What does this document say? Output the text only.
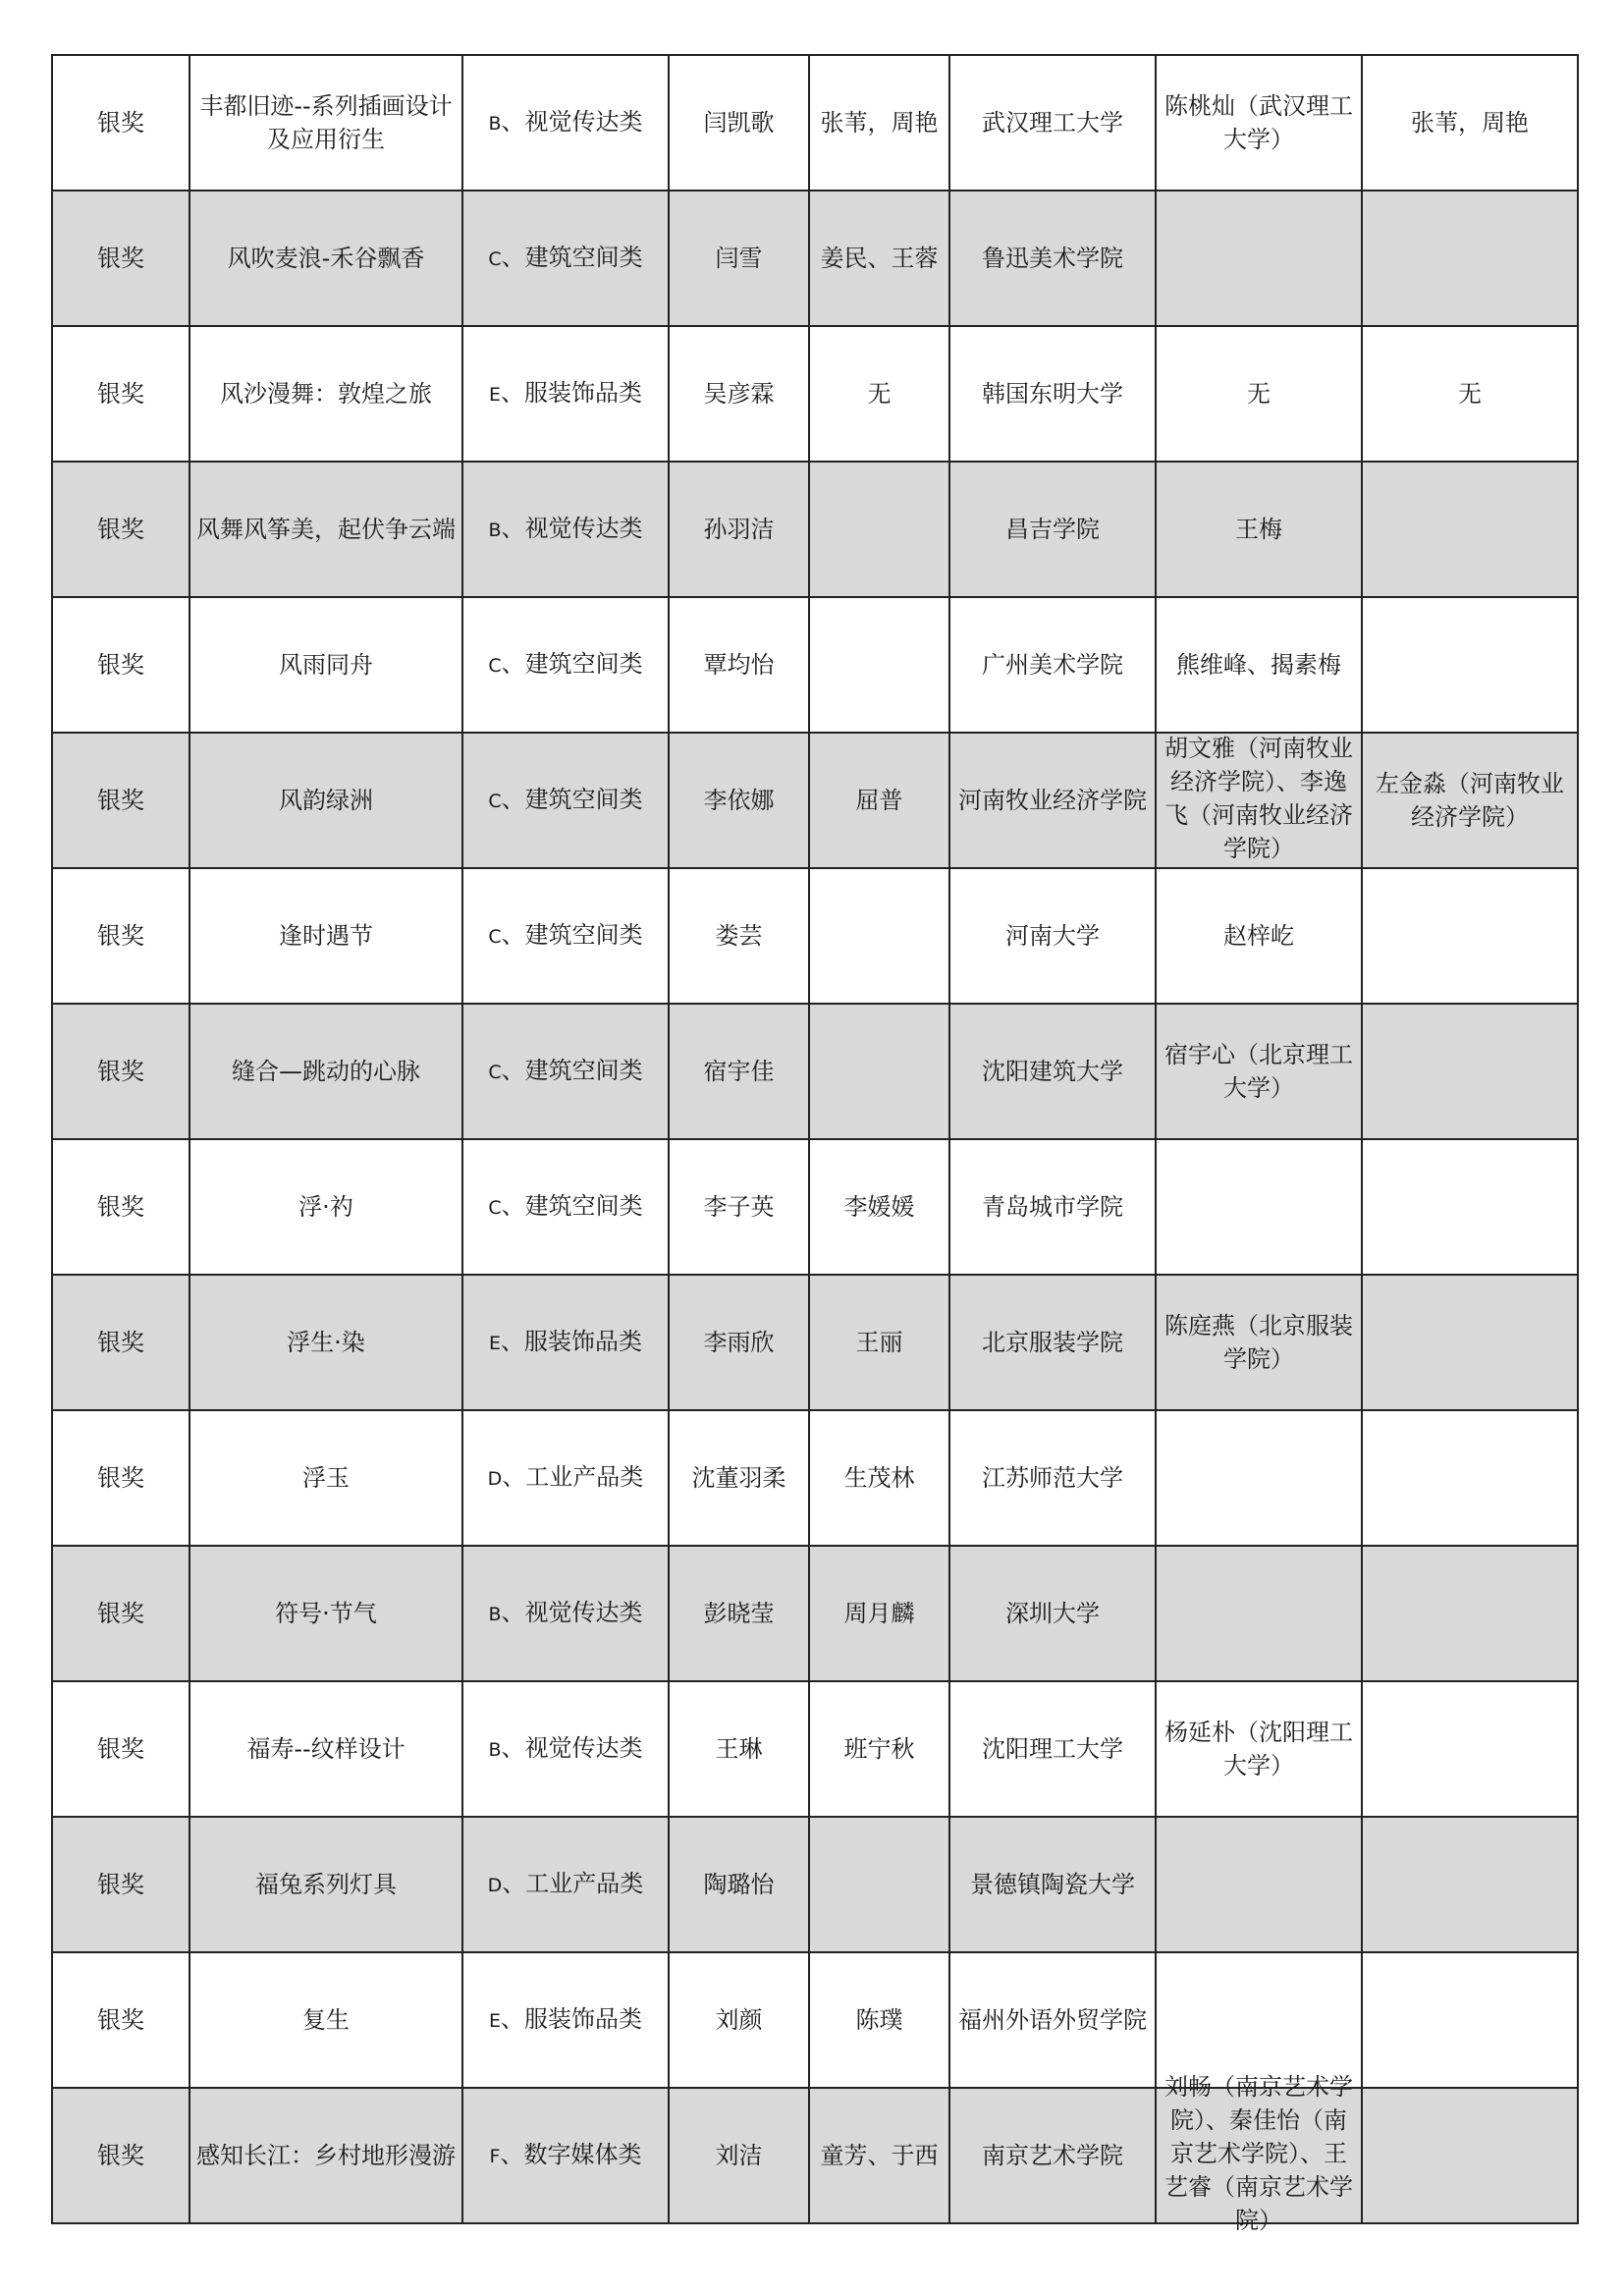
银奖	丰都旧迹--系列插画设计及应用衍生	B、视觉传达类	闫凯歌	张苇，周艳	武汉理工大学	陈桃灿（武汉理工大学）	张苇，周艳
银奖	风吹麦浪-禾谷飘香	C、建筑空间类	闫雪	姜民、王蓉	鲁迅美术学院		
银奖	风沙漫舞：敦煌之旅	E、服装饰品类	吴彦霖	无	韩国东明大学	无	无
银奖	风舞风筝美，起伏争云端	B、视觉传达类	孙羽洁		昌吉学院	王梅	
银奖	风雨同舟	C、建筑空间类	覃均怡		广州美术学院	熊维峰、揭素梅	
银奖	风韵绿洲	C、建筑空间类	李依娜	屈普	河南牧业经济学院	胡文雅（河南牧业经济学院）、李逸飞（河南牧业经济学院）	左金淼（河南牧业经济学院）
银奖	逢时遇节	C、建筑空间类	娄芸		河南大学	赵梓屹	
银奖	缝合—跳动的心脉	C、建筑空间类	宿宇佳		沈阳建筑大学	宿宇心（北京理工大学）	
银奖	浮·礿	C、建筑空间类	李子英	李媛媛	青岛城市学院		
银奖	浮生·染	E、服装饰品类	李雨欣	王丽	北京服装学院	陈庭燕（北京服装学院）	
银奖	浮玉	D、工业产品类	沈董羽柔	生茂林	江苏师范大学		
银奖	符号·节气	B、视觉传达类	彭晓莹	周月麟	深圳大学		
银奖	福寿--纹样设计	B、视觉传达类	王琳	班宁秋	沈阳理工大学	杨延朴（沈阳理工大学）	
银奖	福兔系列灯具	D、工业产品类	陶璐怡		景德镇陶瓷大学		
银奖	复生	E、服装饰品类	刘颜	陈璞	福州外语外贸学院		
银奖	感知长江：乡村地形漫游	F、数字媒体类	刘洁	童芳、于西	南京艺术学院	刘畅（南京艺术学院）、秦佳怡（南京艺术学院）、王艺睿（南京艺术学院）	
